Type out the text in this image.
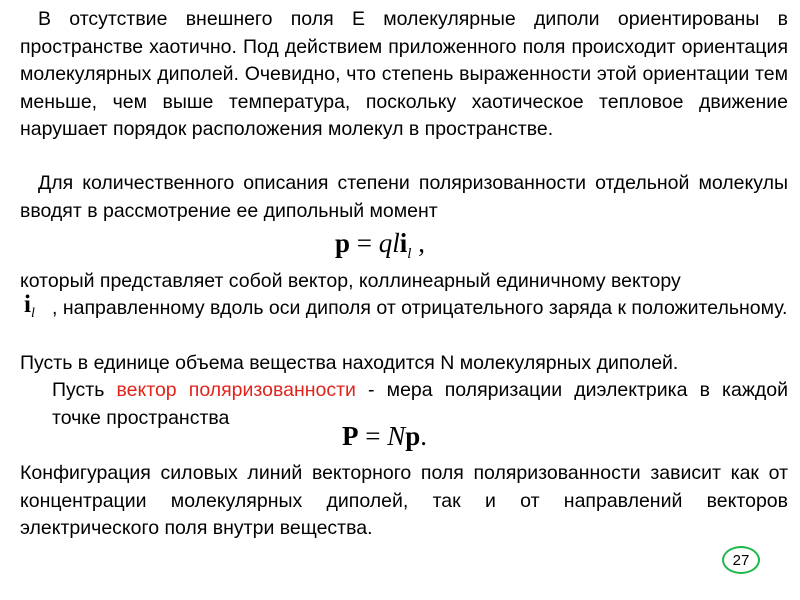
В отсутствие внешнего поля Е молекулярные диполи ориентированы в пространстве хаотично. Под действием приложенного поля происходит ориентация молекулярных диполей. Очевидно, что степень выраженности этой ориентации тем меньше, чем выше температура, поскольку хаотическое тепловое движение нарушает порядок расположения молекул в пространстве.

Для количественного описания степени поляризованности отдельной молекулы вводят в рассмотрение ее дипольный момент

p = qli$_l$ ,

который представляет собой вектор, коллинеарный единичному вектору

$i_l$ , направленному вдоль оси диполя от отрицательного заряда к положительному.

Пусть в единице объема вещества находится N молекулярных диполей.

Пусть вектор поляризованности - мера поляризации диэлектрика в каждой точке пространства

P = Np.

Конфигурация силовых линий векторного поля поляризованности зависит как от концентрации молекулярных диполей, так и от направлений векторов электрического поля внутри вещества.

27
